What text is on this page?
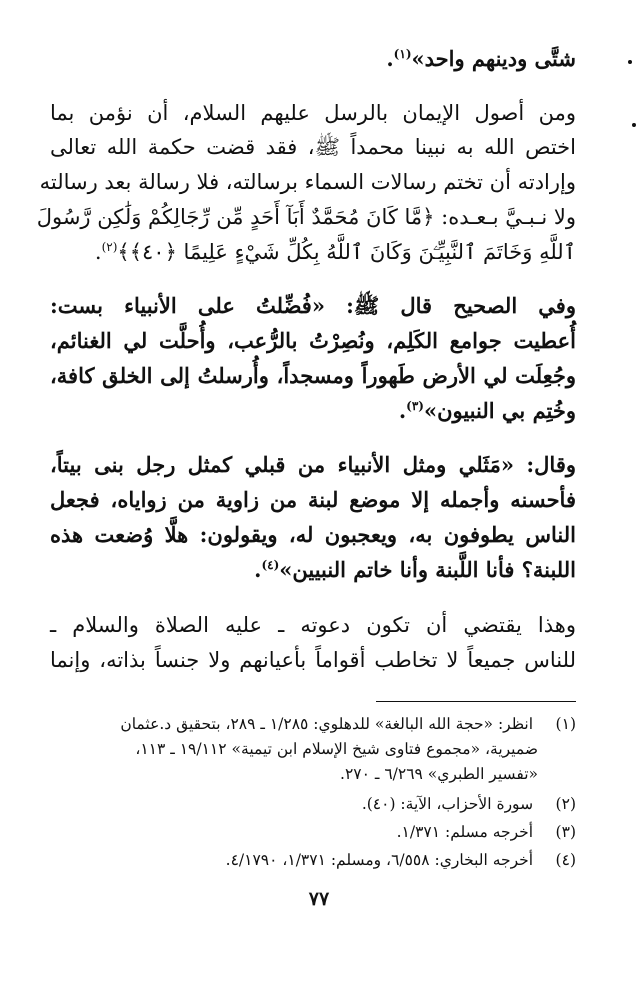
شتَّى ودينهم واحد»$^{(١)}$.
ومن أصول الإيمان بالرسل عليهم السلام، أن نؤمن بما
اختص الله به نبينا محمداً ﷺ، فقد قضت حكمة الله تعالى
وإرادته أن تختم رسالات السماء برسالته، فلا رسالة بعد رسالته
ولا نـبـيَّ بـعـده: ﴿مَّا كَانَ مُحَمَّدٌ أَبَآ أَحَدٍ مِّن رِّجَالِكُمْ وَلَٰكِن رَّسُولَ
ٱللَّهِ وَخَاتَمَ ٱلنَّبِيِّـۧنَ وَكَانَ ٱللَّهُ بِكُلِّ شَيْءٍ عَلِيمًا ﴿٤٠﴾﴾$^{(٢)}$.
وفي الصحيح قال ﷺ: «فُضِّلتُ على الأنبياء بست:
أُعطيت جوامع الكَلِم، ونُصِرْتُ بالرُّعب، وأُحلَّت لي الغنائم،
وجُعِلَت لي الأرض طَهوراً ومسجداً، وأُرسلتُ إلى الخلق كافة،
وخُتِم بي النبيون»$^{(٣)}$.
وقال: «مَثَلي ومثل الأنبياء من قبلي كمثل رجل بنى بيتاً،
فأحسنه وأجمله إلا موضع لبنة من زاوية من زواياه، فجعل
الناس يطوفون به، ويعجبون له، ويقولون: هلَّا وُضعت هذه
اللبنة؟ فأنا اللَّبنة وأنا خاتم النبيين»$^{(٤)}$.
وهذا يقتضي أن تكون دعوته ـ عليه الصلاة والسلام ـ
للناس جميعاً لا تخاطب أقواماً بأعيانهم ولا جنساً بذاته، وإنما
(١) انظر: «حجة الله البالغة» للدهلوي: ١/٢٨٥ ـ ٢٨٩، بتحقيق د.عثمان
ضميرية، «مجموع فتاوى شيخ الإسلام ابن تيمية» ١٩/١١٢ ـ ١١٣،
«تفسير الطبري» ٦/٢٦٩ ـ ٢٧٠.
(٢) سورة الأحزاب، الآية: (٤٠).
(٣) أخرجه مسلم: ١/٣٧١.
(٤) أخرجه البخاري: ٦/٥٥٨، ومسلم: ١/٣٧١، ٤/١٧٩٠.
٧٧
